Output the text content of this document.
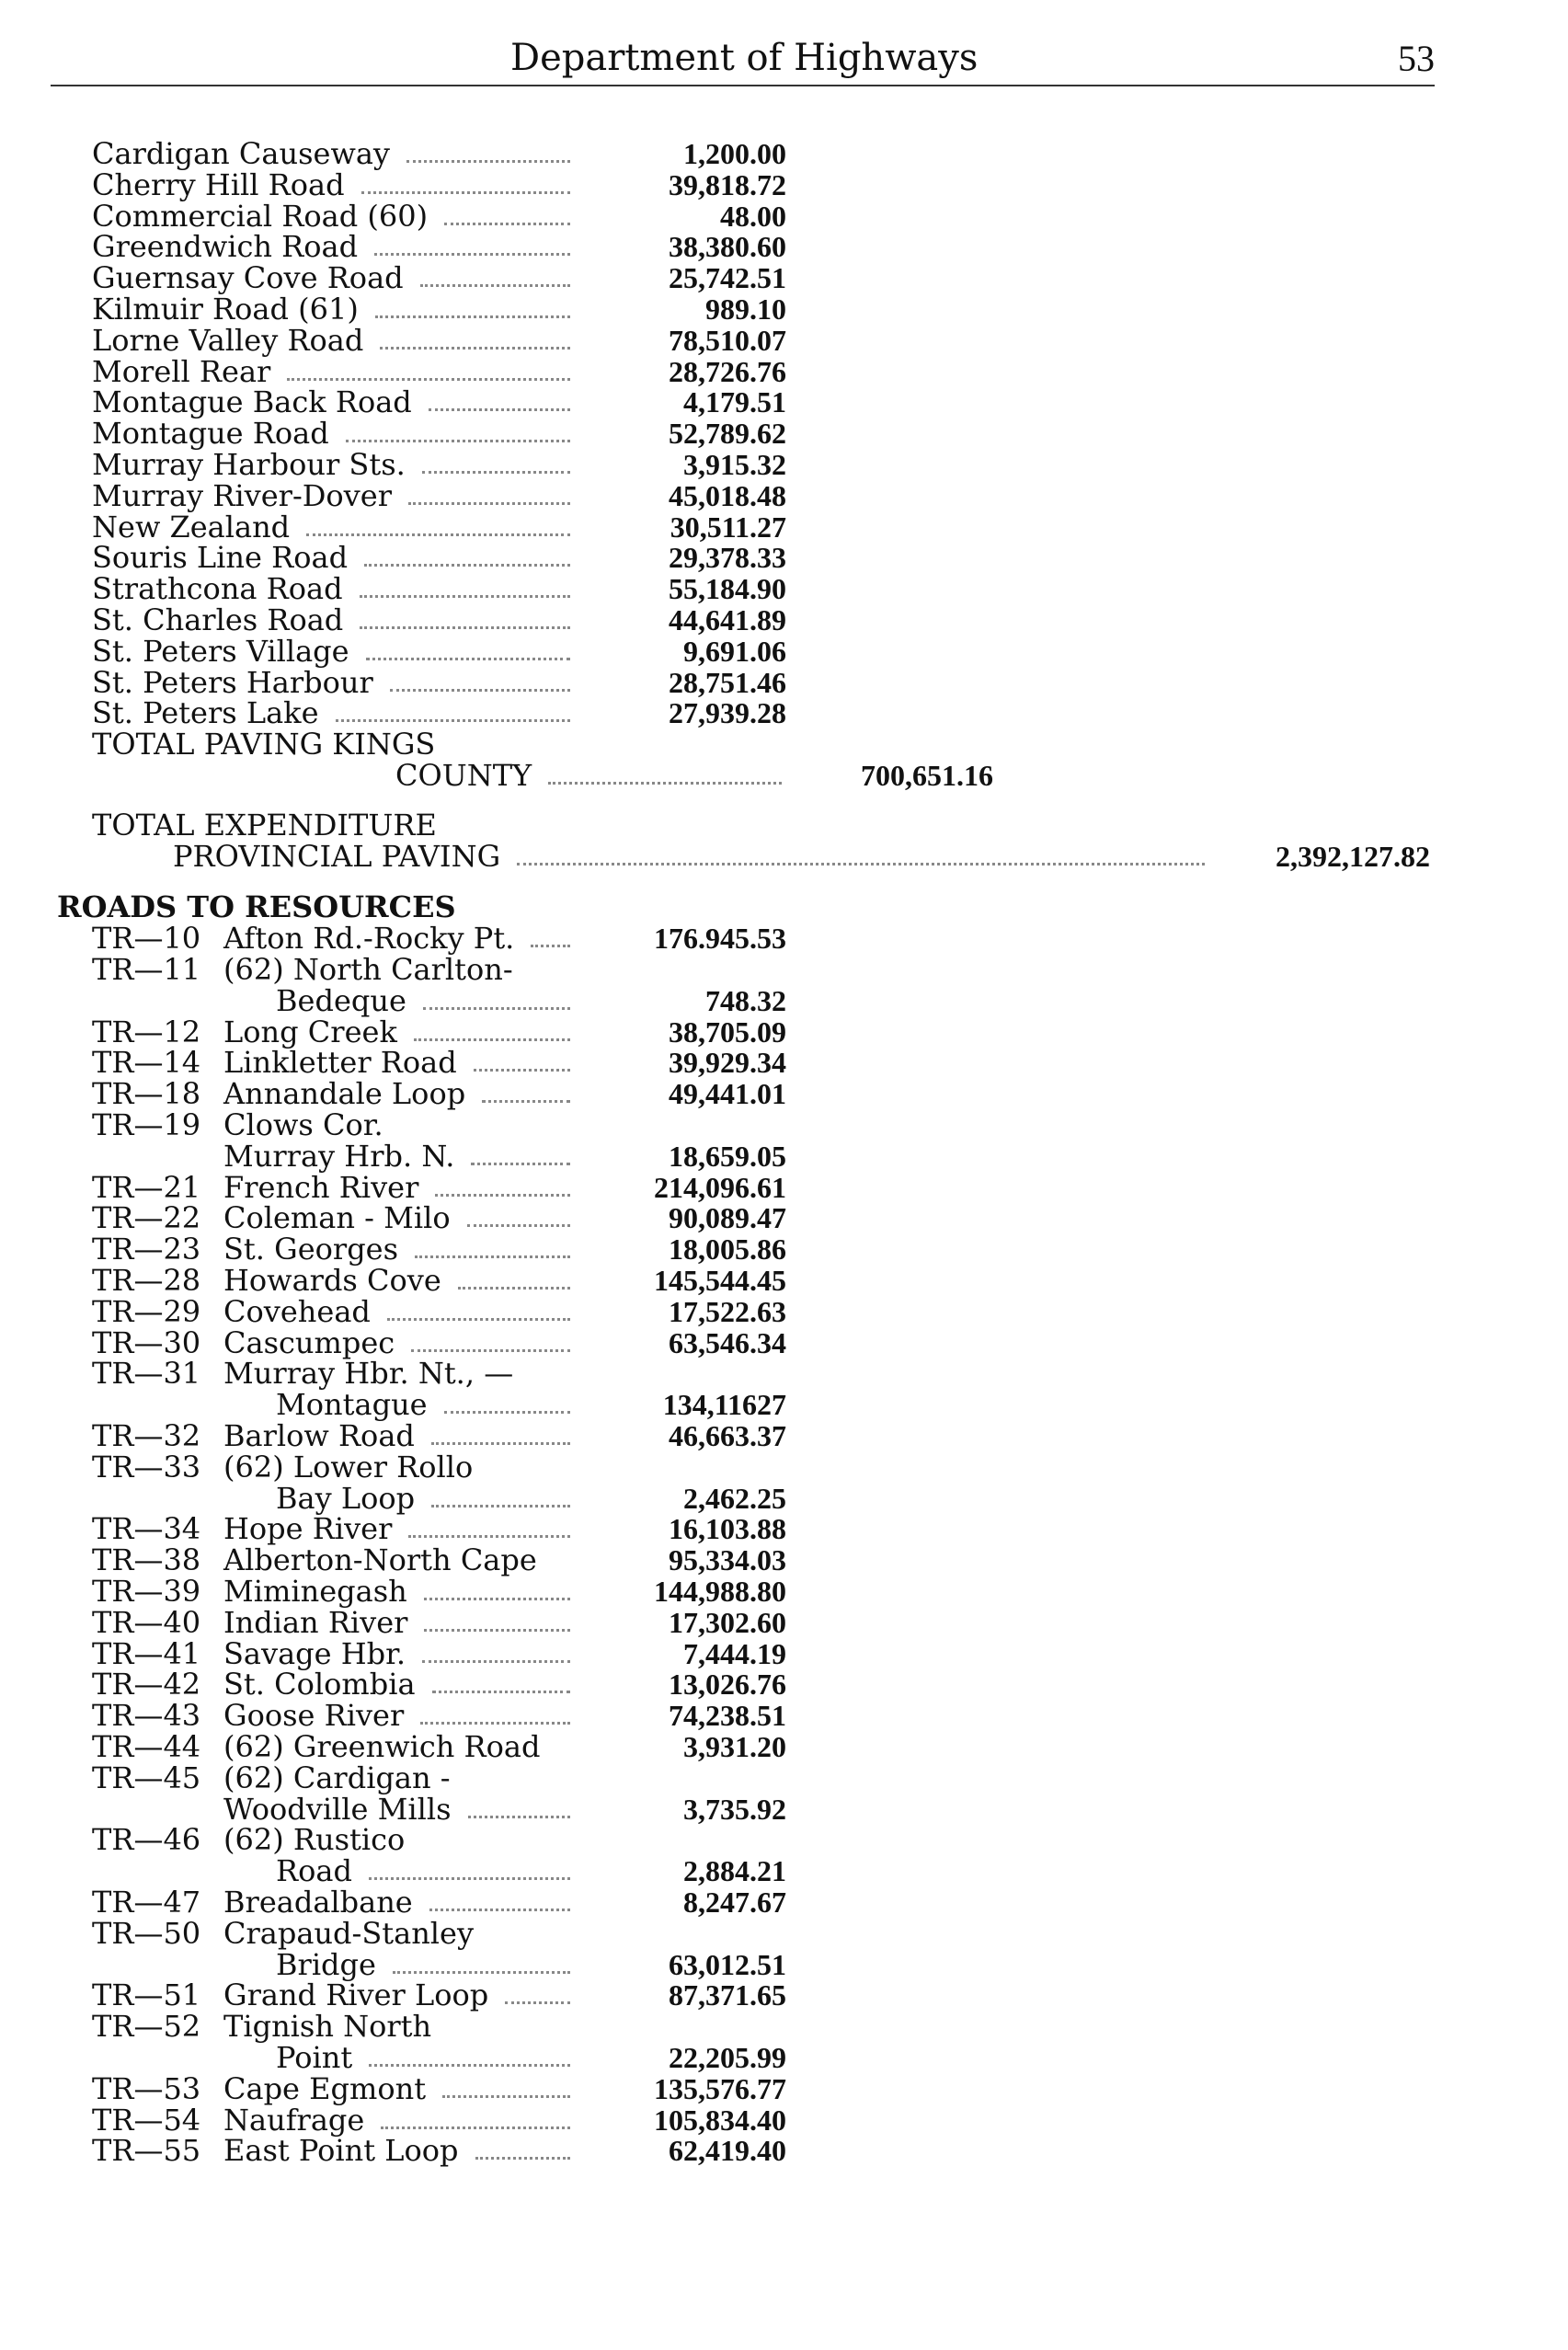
Department of Highways	53
Cardigan Causeway	1,200.00
Cherry Hill Road	39,818.72
Commercial Road (60)	48.00
Greendwich Road	38,380.60
Guernsay Cove Road	25,742.51
Kilmuir Road (61)	989.10
Lorne Valley Road	78,510.07
Morell Rear	28,726.76
Montague Back Road	4,179.51
Montague Road	52,789.62
Murray Harbour Sts.	3,915.32
Murray River-Dover	45,018.48
New Zealand	30,511.27
Souris Line Road	29,378.33
Strathcona Road	55,184.90
St. Charles Road	44,641.89
St. Peters Village	9,691.06
St. Peters Harbour	28,751.46
St. Peters Lake	27,939.28
TOTAL PAVING KINGS
COUNTY	700,651.16
TOTAL EXPENDITURE
PROVINCIAL PAVING	2,392,127.82
ROADS TO RESOURCES
TR—10 Afton Rd.-Rocky Pt.	176.945.53
TR—11 (62) North Carlton-
Bedeque	748.32
TR—12 Long Creek	38,705.09
TR—14 Linkletter Road	39,929.34
TR—18 Annandale Loop	49,441.01
TR—19 Clows Cor.
Murray Hrb. N.	18,659.05
TR—21 French River	214,096.61
TR—22 Coleman - Milo	90,089.47
TR—23 St. Georges	18,005.86
TR—28 Howards Cove	145,544.45
TR—29 Covehead	17,522.63
TR—30 Cascumpec	63,546.34
TR—31 Murray Hbr. Nt., —
Montague	134,11627
TR—32 Barlow Road	46,663.37
TR—33 (62) Lower Rollo
Bay Loop	2,462.25
TR—34 Hope River	16,103.88
TR—38 Alberton-North Cape	95,334.03
TR—39 Miminegash	144,988.80
TR—40 Indian River	17,302.60
TR—41 Savage Hbr.	7,444.19
TR—42 St. Colombia	13,026.76
TR—43 Goose River	74,238.51
TR—44 (62) Greenwich Road	3,931.20
TR—45 (62) Cardigan -
Woodville Mills	3,735.92
TR—46 (62) Rustico
Road	2,884.21
TR—47 Breadalbane	8,247.67
TR—50 Crapaud-Stanley
Bridge	63,012.51
TR—51 Grand River Loop	87,371.65
TR—52 Tignish North
Point	22,205.99
TR—53 Cape Egmont	135,576.77
TR—54 Naufrage	105,834.40
TR—55 East Point Loop	62,419.40
